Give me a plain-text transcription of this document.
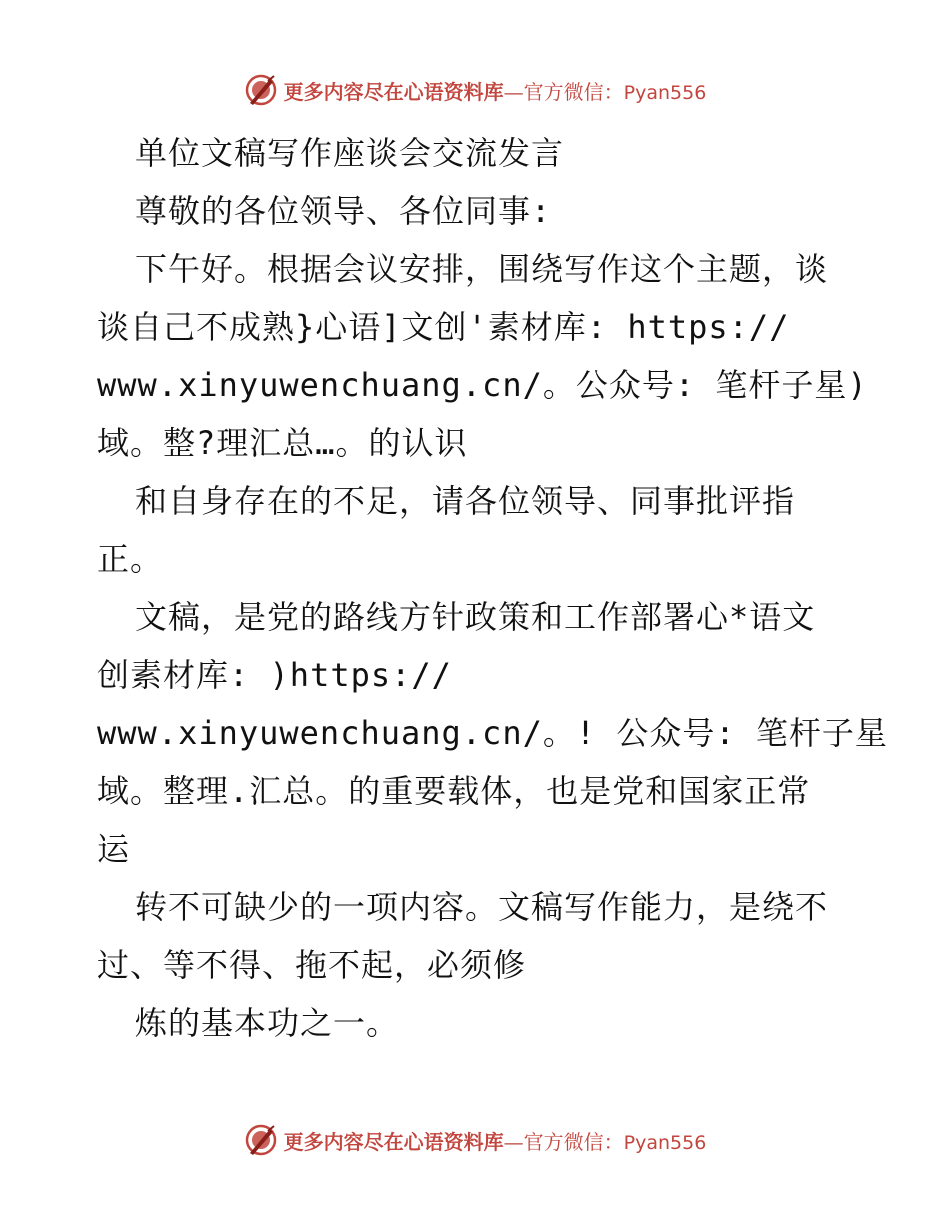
更多内容尽在心语资料库—官方微信：Pyan556
单位文稿写作座谈会交流发言
尊敬的各位领导、各位同事:
下午好。根据会议安排，围绕写作这个主题，谈
谈自己不成熟}心语]文创'素材库: https://
www.xinyuwenchuang.cn/。公众号: 笔杆子星)
域。整?理汇总…。的认识
和自身存在的不足，请各位领导、同事批评指
正。
文稿，是党的路线方针政策和工作部署心*语文
创素材库: )https://
www.xinyuwenchuang.cn/。! 公众号: 笔杆子星
域。整理.汇总。的重要载体，也是党和国家正常
运
转不可缺少的一项内容。文稿写作能力，是绕不
过、等不得、拖不起，必须修
炼的基本功之一。
更多内容尽在心语资料库—官方微信：Pyan556
